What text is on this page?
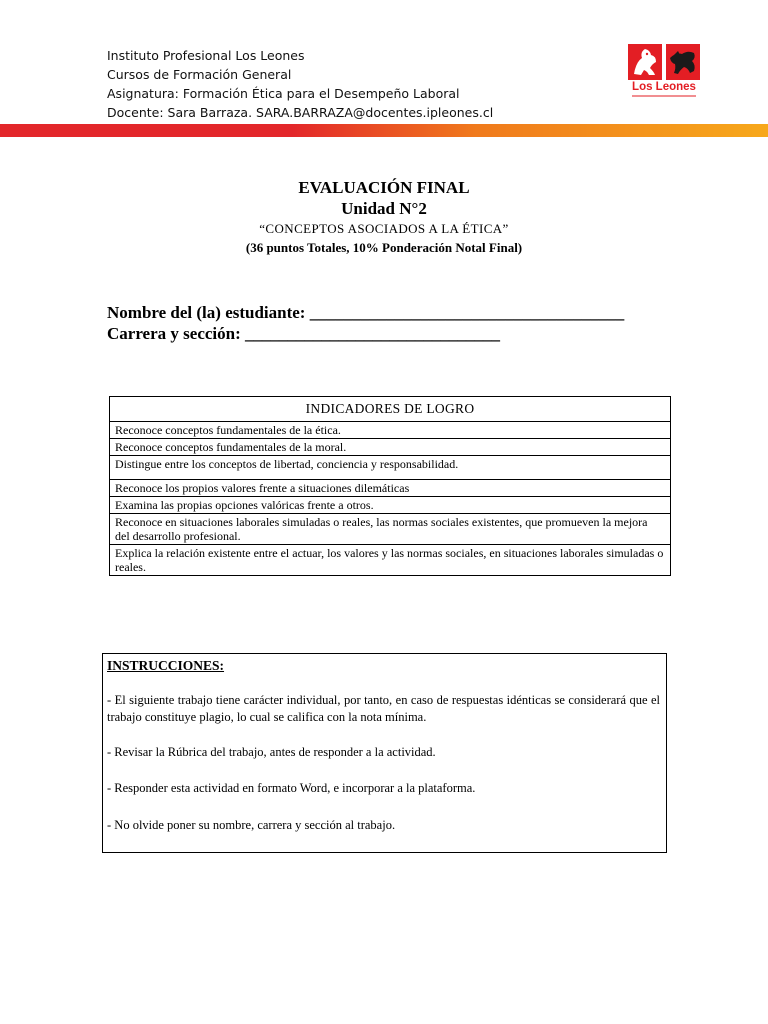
Instituto Profesional Los Leones
Cursos de Formación General
Asignatura: Formación Ética para el Desempeño Laboral
Docente: Sara Barraza. SARA.BARRAZA@docentes.ipleones.cl
Los Leones
EVALUACIÓN FINAL
Unidad N°2
“CONCEPTOS ASOCIADOS A LA ÉTICA”
(36 puntos Totales, 10% Ponderación Notal Final)
Nombre del (la) estudiante: _____________________________________
Carrera y sección: ______________________________
INDICADORES DE LOGRO
Reconoce conceptos fundamentales de la ética.
Reconoce conceptos fundamentales de la moral.
Distingue entre los conceptos de libertad, conciencia y responsabilidad.
Reconoce los propios valores frente a situaciones dilemáticas
Examina las propias opciones valóricas frente a otros.
Reconoce en situaciones laborales simuladas o reales, las normas sociales existentes, que promueven la mejora del desarrollo profesional.
Explica la relación existente entre el actuar, los valores y las normas sociales, en situaciones laborales simuladas o reales.
INSTRUCCIONES:
- El siguiente trabajo tiene carácter individual, por tanto, en caso de respuestas idénticas se considerará que el trabajo constituye plagio, lo cual se califica con la nota mínima.
- Revisar la Rúbrica del trabajo, antes de responder a la actividad.
- Responder esta actividad en formato Word, e incorporar a la plataforma.
- No olvide poner su nombre, carrera y sección al trabajo.
